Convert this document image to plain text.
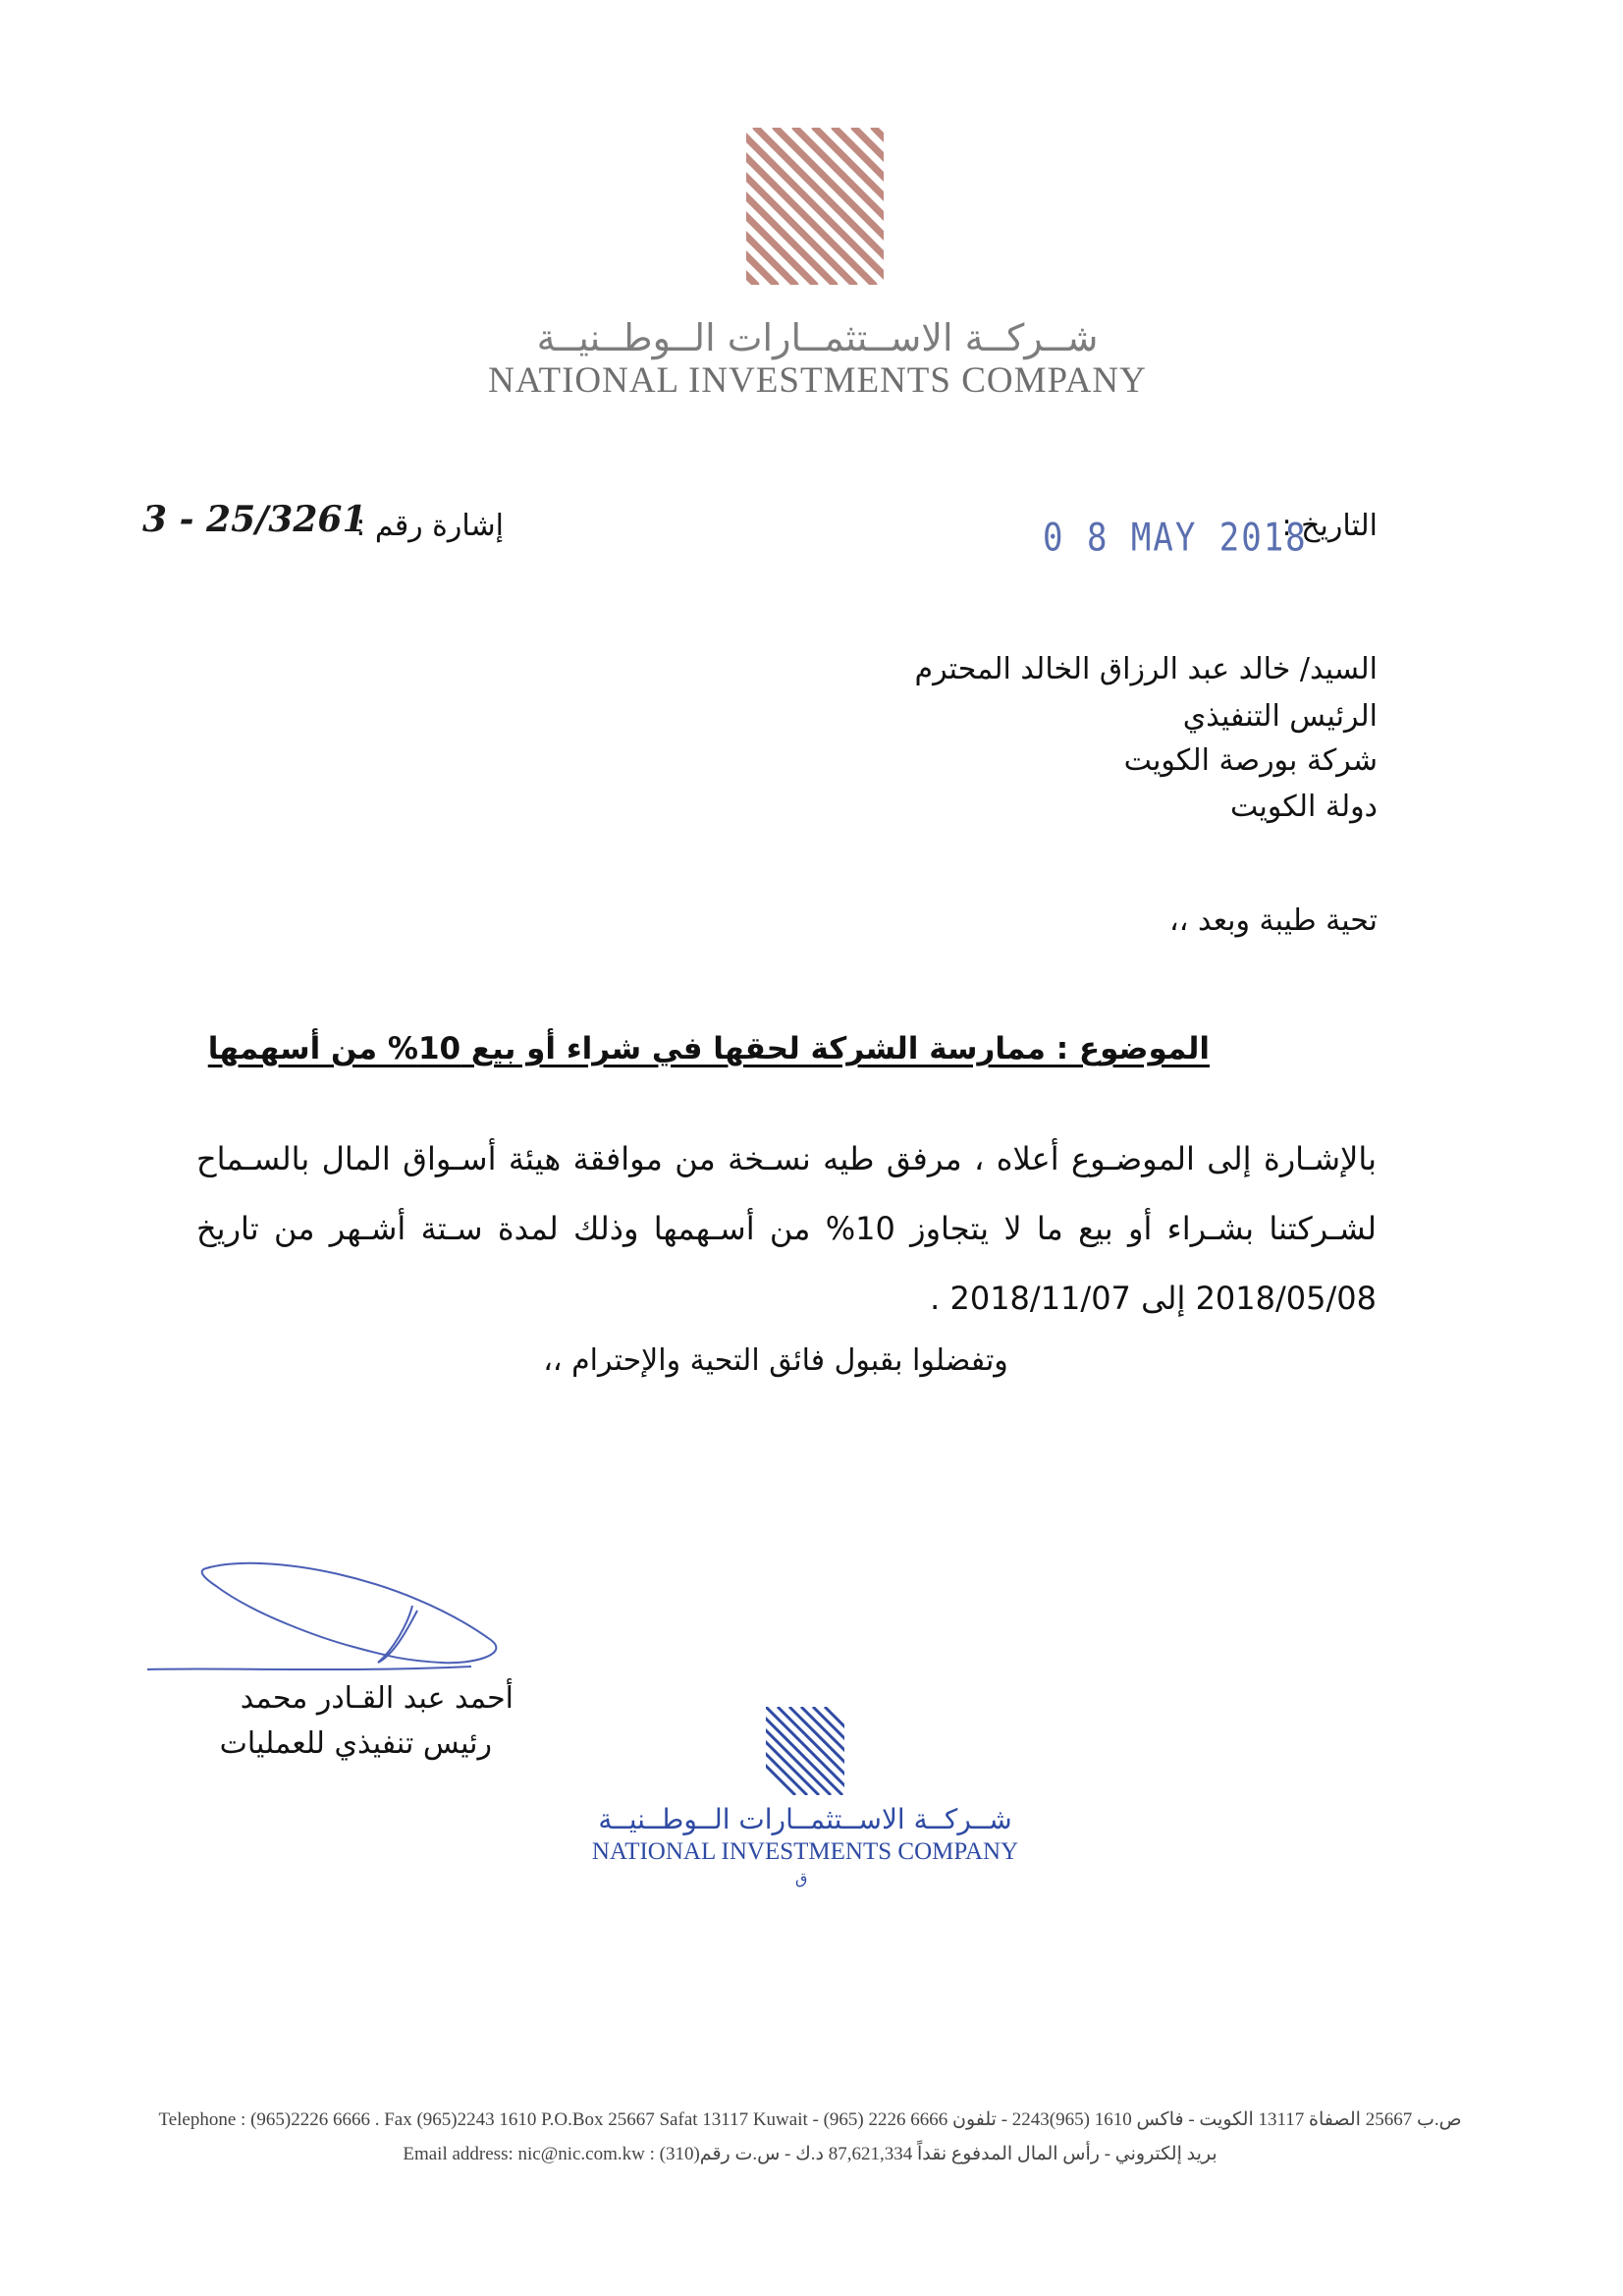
شــركــة الاســتثمــارات الــوطــنيــة
NATIONAL INVESTMENTS COMPANY
التاريخ :
0 8 MAY 2018
إشارة رقم :
3 - 25/3261
السيد/ خالد عبد الرزاق الخالد المحترم
الرئيس التنفيذي
شركة بورصة الكويت
دولة الكويت
تحية طيبة وبعد ،،
الموضوع : ممارسة الشركة لحقها في شراء أو بيع 10% من أسهمها
بالإشـارة إلى الموضـوع أعلاه ، مرفق طيه نسـخة من موافقة هيئة أسـواق المال بالسـماح لشـركتنا بشـراء أو بيع ما لا يتجاوز 10% من أسـهمها وذلك لمدة سـتة أشـهر من تاريخ 2018/05/08 إلى 2018/11/07 .
وتفضلوا بقبول فائق التحية والإحترام ،،
أحمد عبد القـادر محمد
رئيس تنفيذي للعمليات
شــركــة الاســتثمــارات الــوطــنيــة
NATIONAL INVESTMENTS COMPANY
ق
Telephone : (965)2226 6666 . Fax (965)2243 1610 P.O.Box 25667 Safat 13117 Kuwait - ص.ب 25667 الصفاة 13117 الكويت - فاكس 1610 (965)2243 - تلفون 6666 2226 (965)
Email address: nic@nic.com.kw : بريد إلكتروني - رأس المال المدفوع نقداً 87,621,334 د.ك - س.ت رقم(310)
